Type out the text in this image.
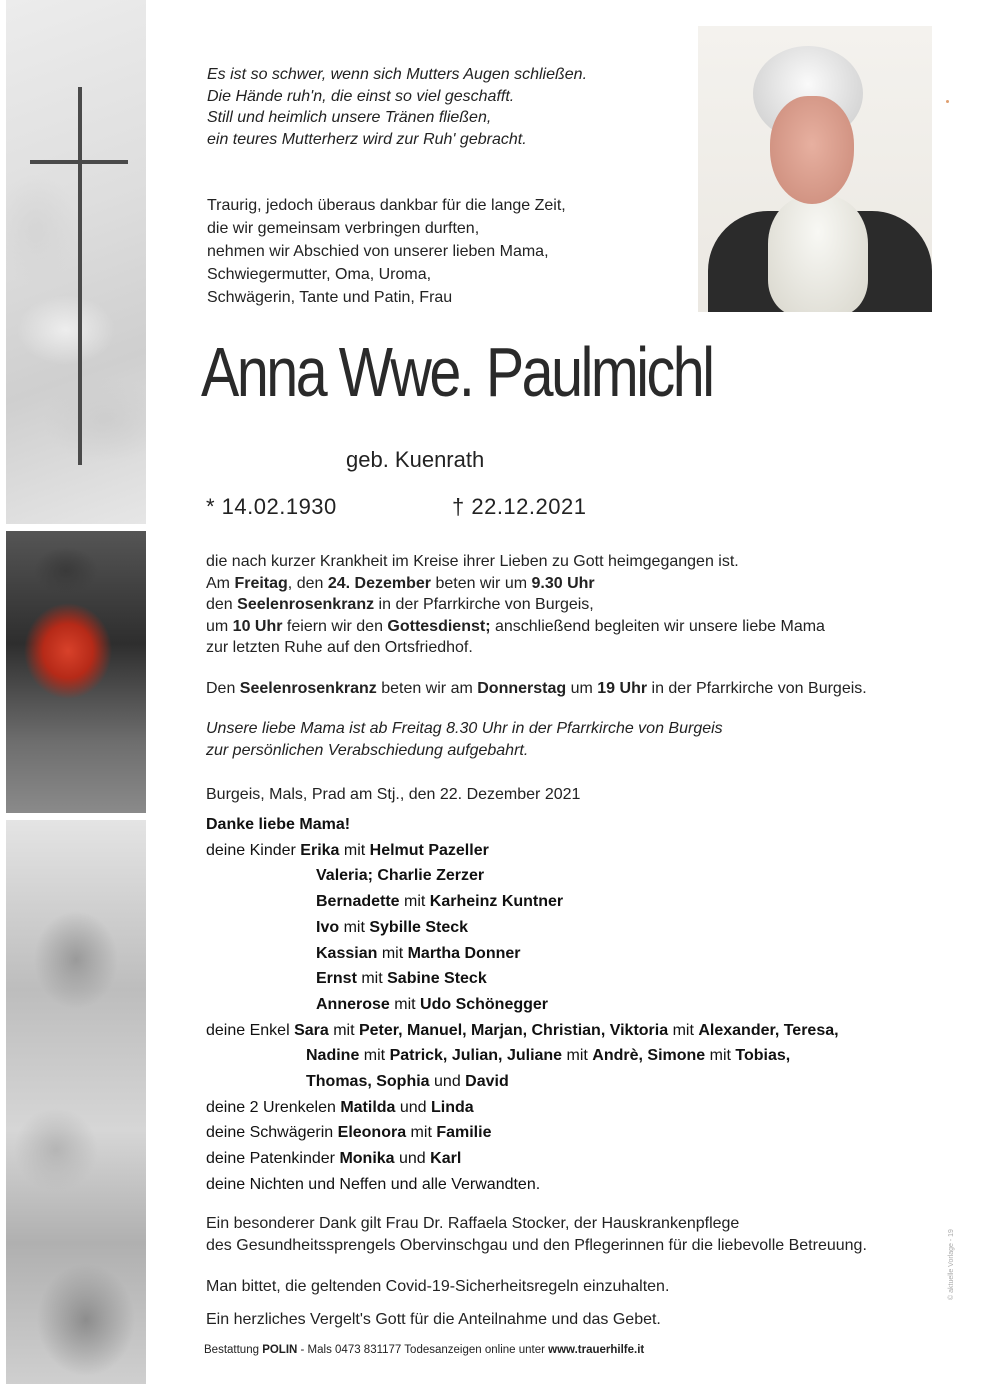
Es ist so schwer, wenn sich Mutters Augen schließen.
Die Hände ruh'n, die einst so viel geschafft.
Still und heimlich unsere Tränen fließen,
ein teures Mutterherz wird zur Ruh' gebracht.
Traurig, jedoch überaus dankbar für die lange Zeit,
die wir gemeinsam verbringen durften,
nehmen wir Abschied von unserer lieben Mama,
Schwiegermutter, Oma, Uroma,
Schwägerin, Tante und Patin, Frau
Anna Wwe. Paulmichl
geb. Kuenrath
* 14.02.1930	† 22.12.2021
die nach kurzer Krankheit im Kreise ihrer Lieben zu Gott heimgegangen ist.
Am Freitag, den 24. Dezember beten wir um 9.30 Uhr
den Seelenrosenkranz in der Pfarrkirche von Burgeis,
um 10 Uhr feiern wir den Gottesdienst; anschließend begleiten wir unsere liebe Mama
zur letzten Ruhe auf den Ortsfriedhof.
Den Seelenrosenkranz beten wir am Donnerstag um 19 Uhr in der Pfarrkirche von Burgeis.
Unsere liebe Mama ist ab Freitag 8.30 Uhr in der Pfarrkirche von Burgeis
zur persönlichen Verabschiedung aufgebahrt.
Burgeis, Mals, Prad am Stj., den 22. Dezember 2021
Danke liebe Mama!
deine Kinder Erika mit Helmut Pazeller
Valeria; Charlie Zerzer
Bernadette mit Karheinz Kuntner
Ivo mit Sybille Steck
Kassian mit Martha Donner
Ernst mit Sabine Steck
Annerose mit Udo Schönegger
deine Enkel Sara mit Peter, Manuel, Marjan, Christian, Viktoria mit Alexander, Teresa,
Nadine mit Patrick, Julian, Juliane mit Andrè, Simone mit Tobias,
Thomas, Sophia und David
deine 2 Urenkelen Matilda und Linda
deine Schwägerin Eleonora mit Familie
deine Patenkinder Monika und Karl
deine Nichten und Neffen und alle Verwandten.
Ein besonderer Dank gilt Frau Dr. Raffaela Stocker, der Hauskrankenpflege
des Gesundheitssprengels Obervinschgau und den Pflegerinnen für die liebevolle Betreuung.
Man bittet, die geltenden Covid-19-Sicherheitsregeln einzuhalten.
Ein herzliches Vergelt's Gott für die Anteilnahme und das Gebet.
Bestattung POLIN - Mals 0473 831177 Todesanzeigen online unter www.trauerhilfe.it
© aktuelle Vorlage - 19
